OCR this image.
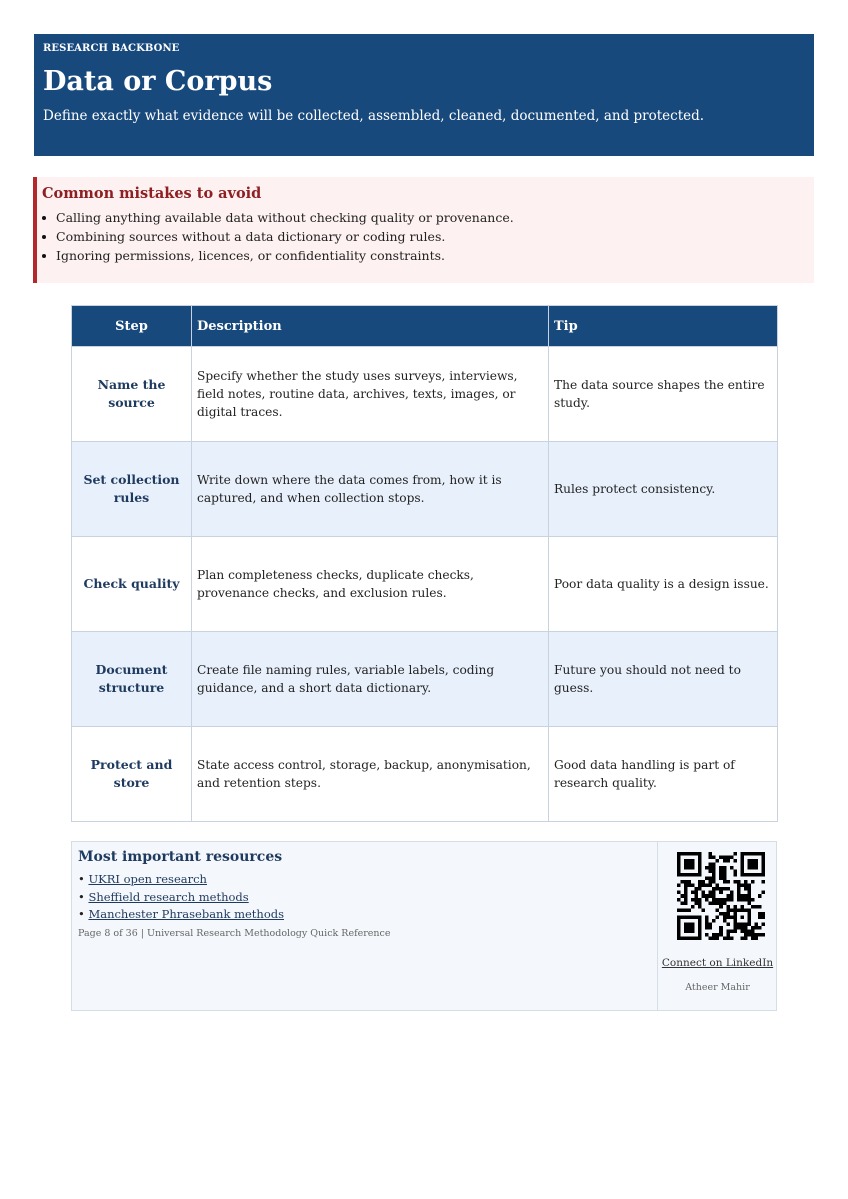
RESEARCH BACKBONE
Data or Corpus
Define exactly what evidence will be collected, assembled, cleaned, documented, and protected.
Common mistakes to avoid
Calling anything available data without checking quality or provenance.
Combining sources without a data dictionary or coding rules.
Ignoring permissions, licences, or confidentiality constraints.
Step	Description	Tip
Name the source	Specify whether the study uses surveys, interviews, field notes, routine data, archives, texts, images, or digital traces.	The data source shapes the entire study.
Set collection rules	Write down where the data comes from, how it is captured, and when collection stops.	Rules protect consistency.
Check quality	Plan completeness checks, duplicate checks, provenance checks, and exclusion rules.	Poor data quality is a design issue.
Document structure	Create file naming rules, variable labels, coding guidance, and a short data dictionary.	Future you should not need to guess.
Protect and store	State access control, storage, backup, anonymisation, and retention steps.	Good data handling is part of research quality.
Most important resources
• UKRI open research
• Sheffield research methods
• Manchester Phrasebank methods
Page 8 of 36 | Universal Research Methodology Quick Reference
Connect on LinkedIn
Atheer Mahir
